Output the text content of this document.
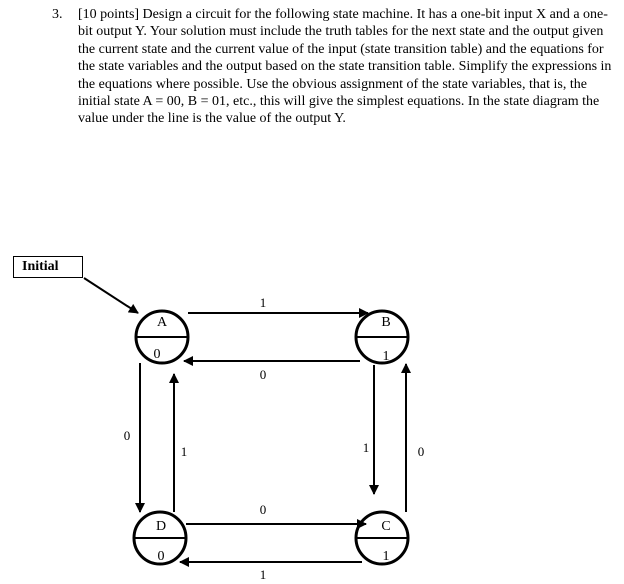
3. [10 points] Design a circuit for the following state machine. It has a one-bit input X and a one-bit output Y. Your solution must include the truth tables for the next state and the output given the current state and the current value of the input (state transition table) and the equations for the state variables and the output based on the state transition table. Simplify the expressions in the equations where possible. Use the obvious assignment of the state variables, that is, the initial state A = 00, B = 01, etc., this will give the simplest equations. In the state diagram the value under the line is the value of the output Y.
Initial
A
0
B
1
C
1
D
0
1
0
1	0
0
1
0
1
